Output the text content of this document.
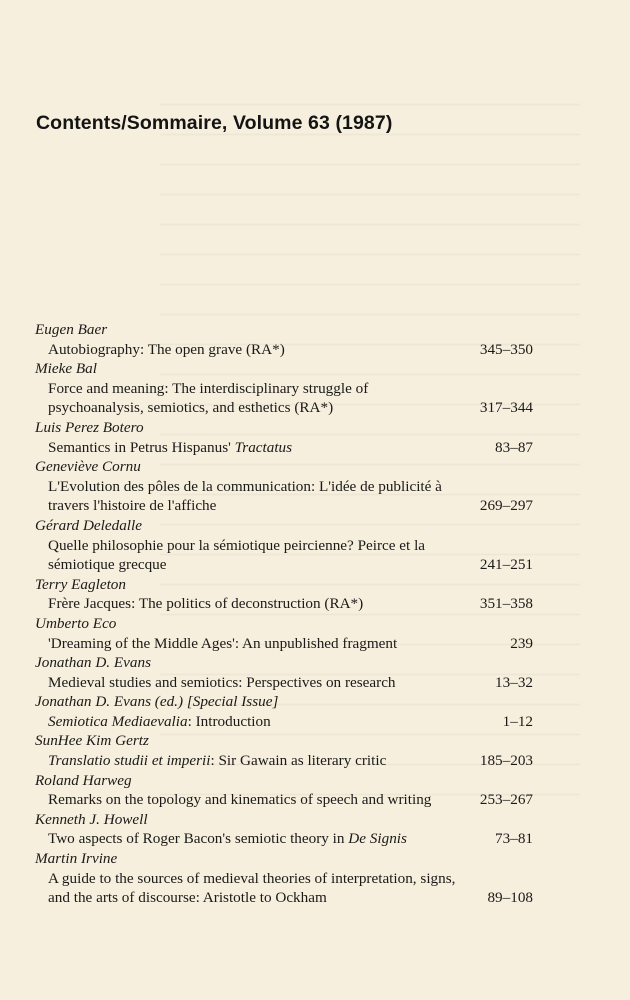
Contents/Sommaire, Volume 63 (1987)
Eugen Baer
Autobiography: The open grave (RA*)	345–350
Mieke Bal
Force and meaning: The interdisciplinary struggle of psychoanalysis, semiotics, and esthetics (RA*)	317–344
Luis Perez Botero
Semantics in Petrus Hispanus' Tractatus	83–87
Geneviève Cornu
L'Evolution des pôles de la communication: L'idée de publicité à travers l'histoire de l'affiche	269–297
Gérard Deledalle
Quelle philosophie pour la sémiotique peircienne? Peirce et la sémiotique grecque	241–251
Terry Eagleton
Frère Jacques: The politics of deconstruction (RA*)	351–358
Umberto Eco
'Dreaming of the Middle Ages': An unpublished fragment	239
Jonathan D. Evans
Medieval studies and semiotics: Perspectives on research	13–32
Jonathan D. Evans (ed.) [Special Issue]
Semiotica Mediaevalia: Introduction	1–12
SunHee Kim Gertz
Translatio studii et imperii: Sir Gawain as literary critic	185–203
Roland Harweg
Remarks on the topology and kinematics of speech and writing	253–267
Kenneth J. Howell
Two aspects of Roger Bacon's semiotic theory in De Signis	73–81
Martin Irvine
A guide to the sources of medieval theories of interpretation, signs, and the arts of discourse: Aristotle to Ockham	89–108
